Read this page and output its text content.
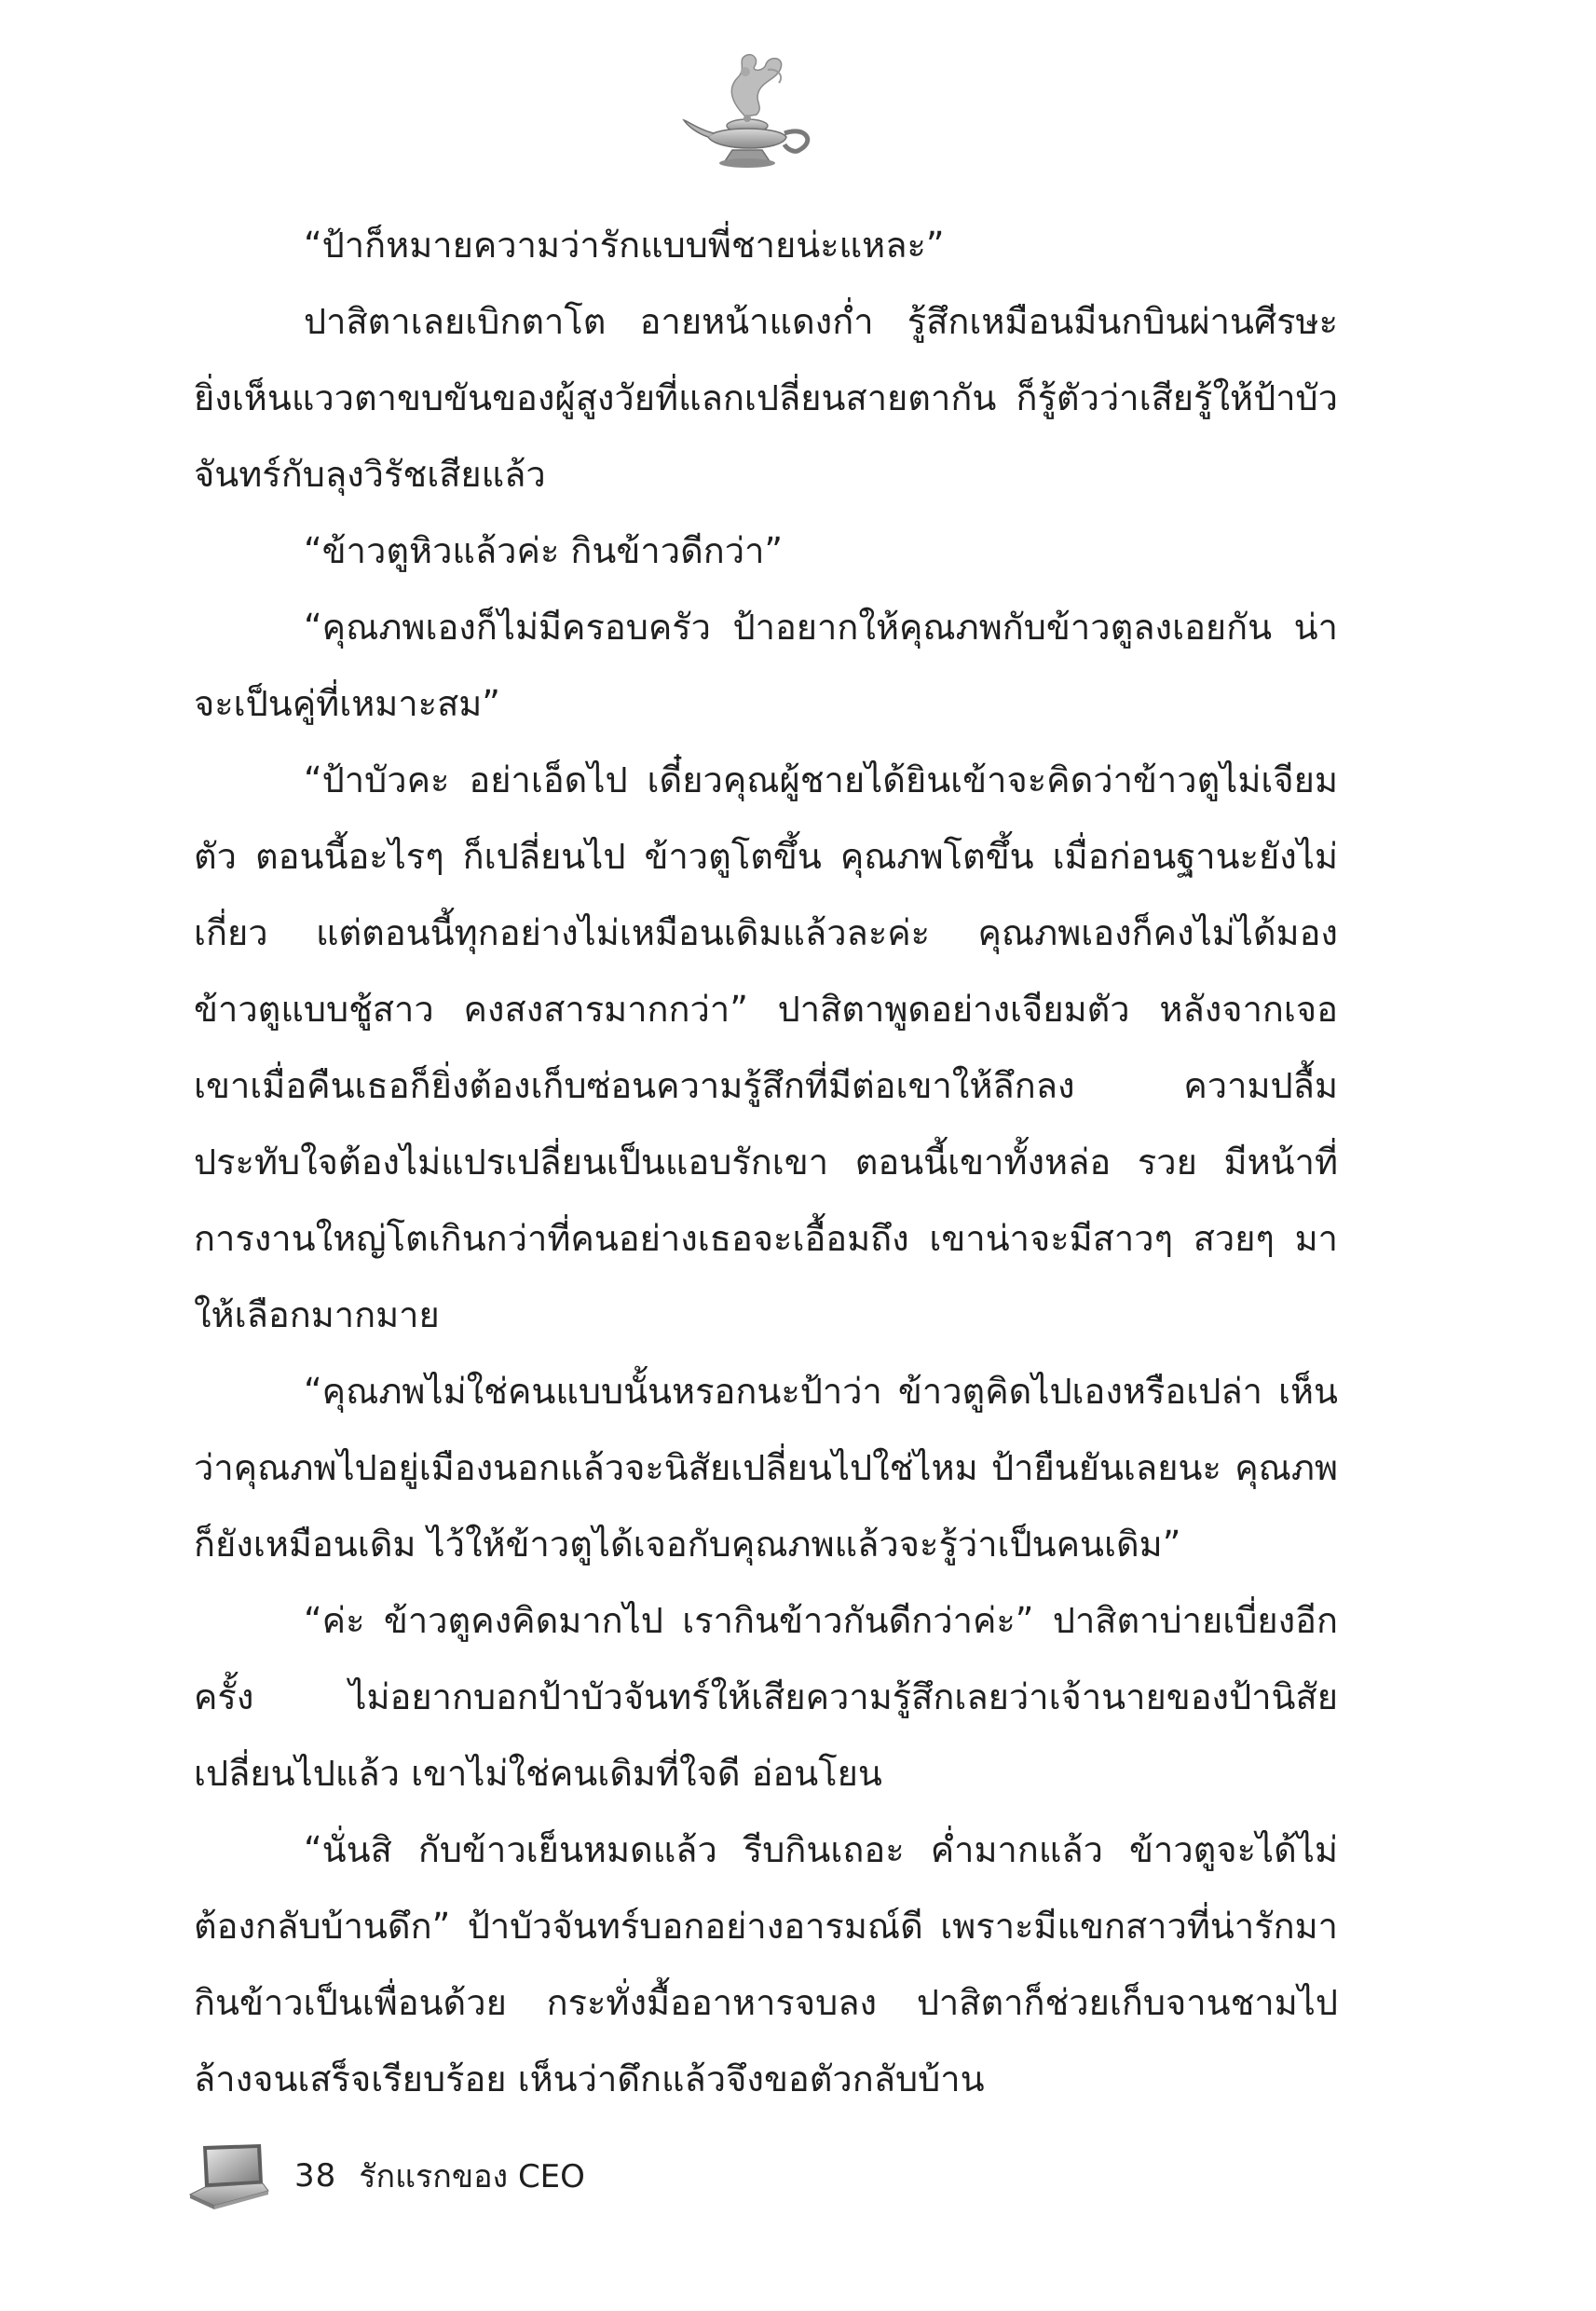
“ป้าก็หมายความว่ารักแบบพี่ชายน่ะแหละ”

ปาสิตาเลยเบิกตาโต อายหน้าแดงก่ำ รู้สึกเหมือนมีนกบินผ่านศีรษะ ยิ่งเห็นแววตาขบขันของผู้สูงวัยที่แลกเปลี่ยนสายตากัน ก็รู้ตัวว่าเสียรู้ให้ป้าบัวจันทร์กับลุงวิรัชเสียแล้ว

“ข้าวตูหิวแล้วค่ะ กินข้าวดีกว่า”

“คุณภพเองก็ไม่มีครอบครัว ป้าอยากให้คุณภพกับข้าวตูลงเอยกัน น่าจะเป็นคู่ที่เหมาะสม”

“ป้าบัวคะ อย่าเอ็ดไป เดี๋ยวคุณผู้ชายได้ยินเข้าจะคิดว่าข้าวตูไม่เจียมตัว ตอนนี้อะไรๆ ก็เปลี่ยนไป ข้าวตูโตขึ้น คุณภพโตขึ้น เมื่อก่อนฐานะยังไม่เกี่ยว แต่ตอนนี้ทุกอย่างไม่เหมือนเดิมแล้วละค่ะ คุณภพเองก็คงไม่ได้มองข้าวตูแบบชู้สาว คงสงสารมากกว่า” ปาสิตาพูดอย่างเจียมตัว หลังจากเจอเขาเมื่อคืนเธอก็ยิ่งต้องเก็บซ่อนความรู้สึกที่มีต่อเขาให้ลึกลง ความปลื้มประทับใจต้องไม่แปรเปลี่ยนเป็นแอบรักเขา ตอนนี้เขาทั้งหล่อ รวย มีหน้าที่การงานใหญ่โตเกินกว่าที่คนอย่างเธอจะเอื้อมถึง เขาน่าจะมีสาวๆ สวยๆ มาให้เลือกมากมาย

“คุณภพไม่ใช่คนแบบนั้นหรอกนะป้าว่า ข้าวตูคิดไปเองหรือเปล่า เห็นว่าคุณภพไปอยู่เมืองนอกแล้วจะนิสัยเปลี่ยนไปใช่ไหม ป้ายืนยันเลยนะ คุณภพก็ยังเหมือนเดิม ไว้ให้ข้าวตูได้เจอกับคุณภพแล้วจะรู้ว่าเป็นคนเดิม”

“ค่ะ ข้าวตูคงคิดมากไป เรากินข้าวกันดีกว่าค่ะ” ปาสิตาบ่ายเบี่ยงอีกครั้ง ไม่อยากบอกป้าบัวจันทร์ให้เสียความรู้สึกเลยว่าเจ้านายของป้านิสัยเปลี่ยนไปแล้ว เขาไม่ใช่คนเดิมที่ใจดี อ่อนโยน

“นั่นสิ กับข้าวเย็นหมดแล้ว รีบกินเถอะ ค่ำมากแล้ว ข้าวตูจะได้ไม่ต้องกลับบ้านดึก” ป้าบัวจันทร์บอกอย่างอารมณ์ดี เพราะมีแขกสาวที่น่ารักมากินข้าวเป็นเพื่อนด้วย กระทั่งมื้ออาหารจบลง ปาสิตาก็ช่วยเก็บจานชามไปล้างจนเสร็จเรียบร้อย เห็นว่าดึกแล้วจึงขอตัวกลับบ้าน

38 รักแรกของ CEO
